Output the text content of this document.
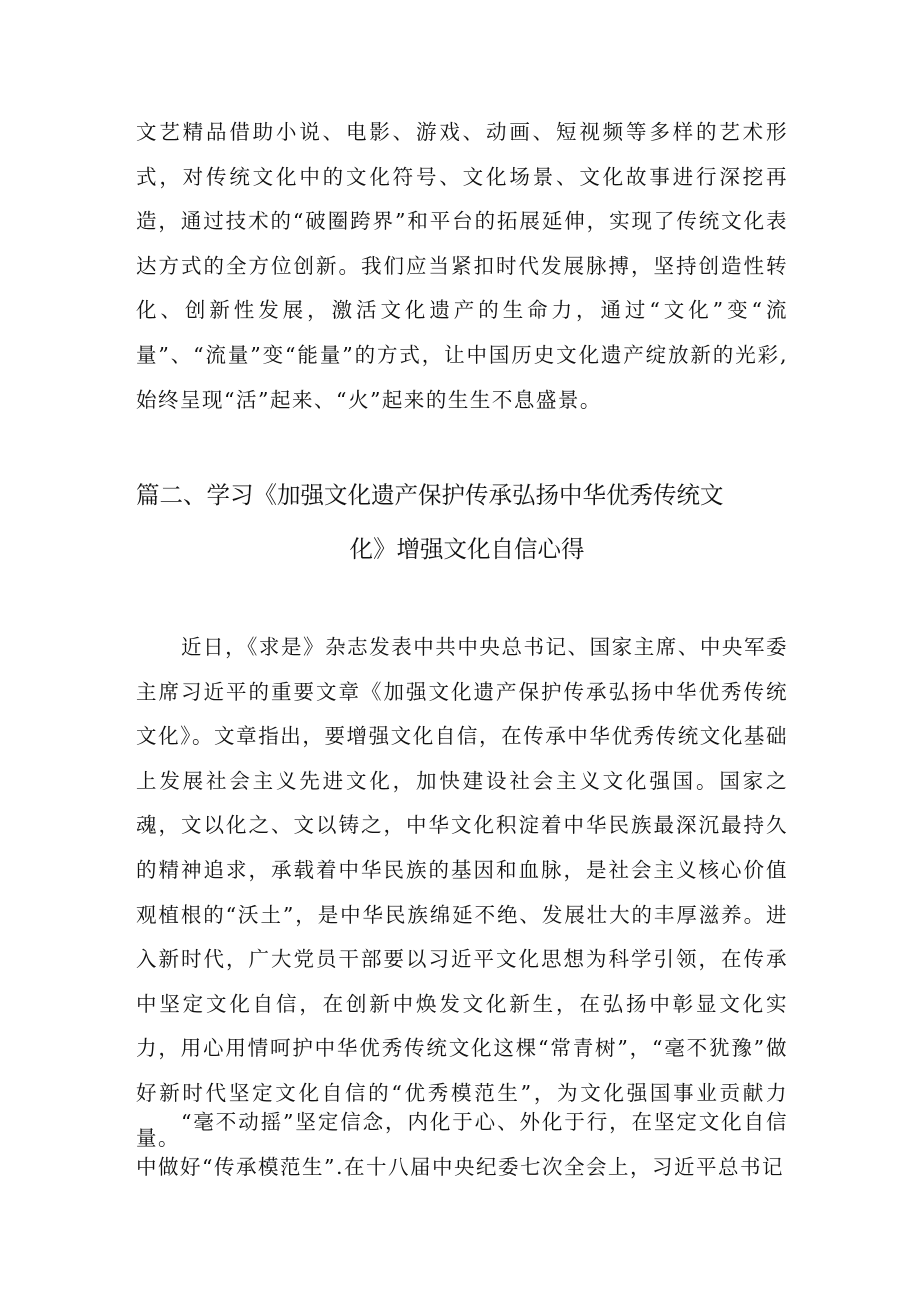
文艺精品借助小说、电影、游戏、动画、短视频等多样的艺术形式，对传统文化中的文化符号、文化场景、文化故事进行深挖再造，通过技术的“破圈跨界”和平台的拓展延伸，实现了传统文化表达方式的全方位创新。我们应当紧扣时代发展脉搏，坚持创造性转化、创新性发展，激活文化遗产的生命力，通过“文化”变“流量”、“流量”变“能量”的方式，让中国历史文化遗产绽放新的光彩,始终呈现“活”起来、“火”起来的生生不息盛景。

篇二、学习《加强文化遗产保护传承弘扬中华优秀传统文
化》增强文化自信心得

近日，《求是》杂志发表中共中央总书记、国家主席、中央军委主席习近平的重要文章《加强文化遗产保护传承弘扬中华优秀传统文化》。文章指出，要增强文化自信，在传承中华优秀传统文化基础上发展社会主义先进文化，加快建设社会主义文化强国。国家之魂，文以化之、文以铸之，中华文化积淀着中华民族最深沉最持久的精神追求，承载着中华民族的基因和血脉，是社会主义核心价值观植根的“沃土”，是中华民族绵延不绝、发展壮大的丰厚滋养。进入新时代，广大党员干部要以习近平文化思想为科学引领，在传承中坚定文化自信，在创新中焕发文化新生，在弘扬中彰显文化实力，用心用情呵护中华优秀传统文化这棵“常青树”，“毫不犹豫”做好新时代坚定文化自信的“优秀模范生”，为文化强国事业贡献力量。

“毫不动摇”坚定信念，内化于心、外化于行，在坚定文化自信中做好“传承模范生”.在十八届中央纪委七次全会上，习近平总书记
